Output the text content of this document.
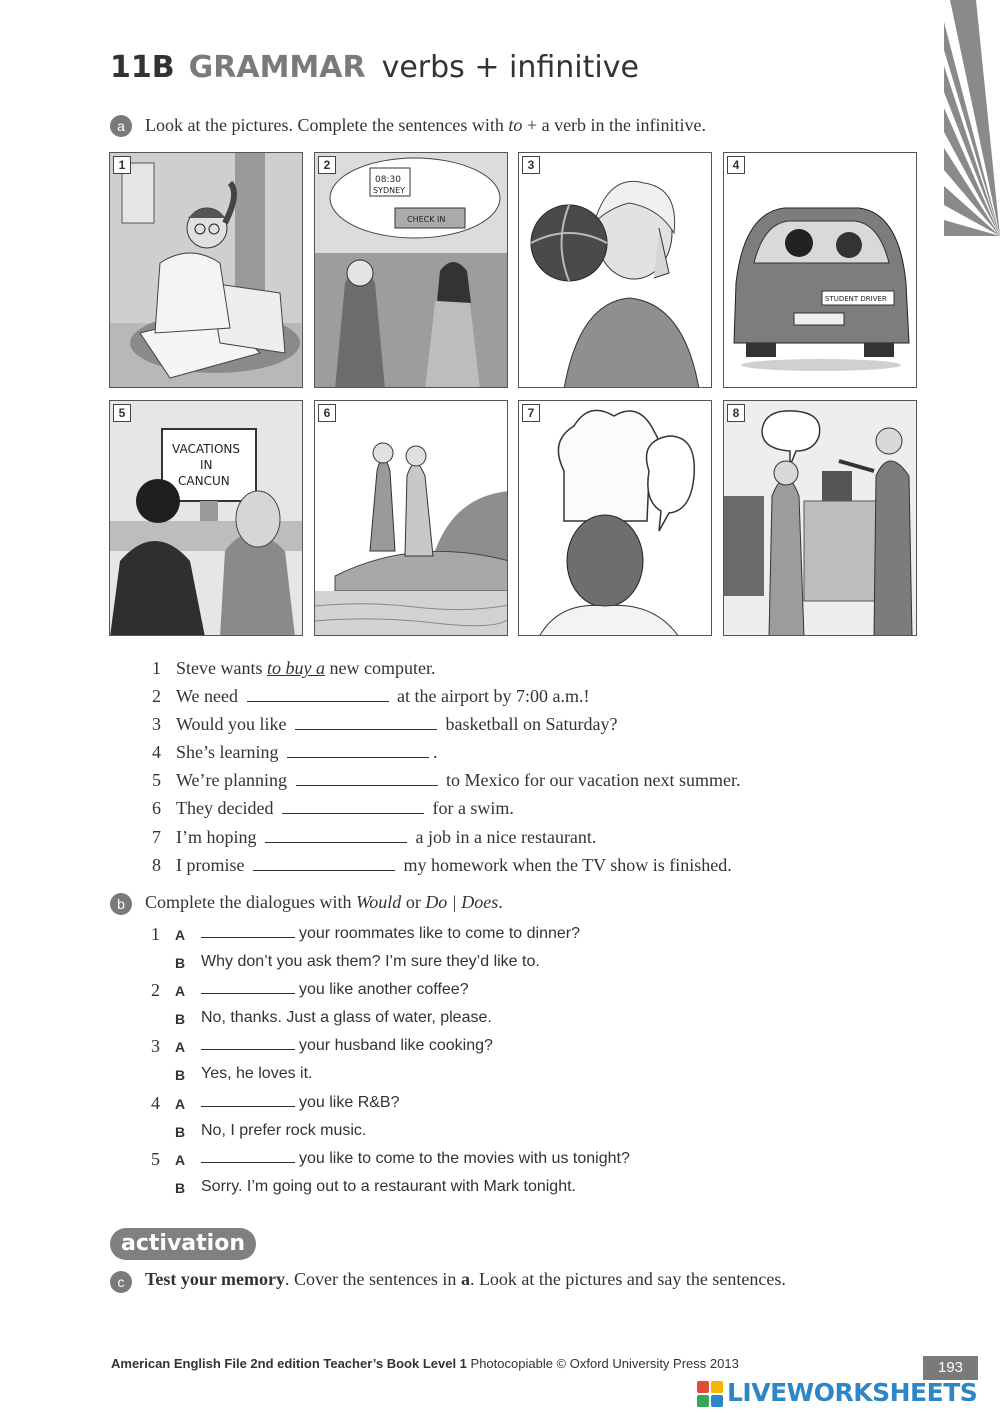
11B GRAMMAR verbs + infinitive
a	Look at the pictures. Complete the sentences with to + a verb in the infinitive.
1	2
08:30
SYDNEY
CHECK IN
3	4
STUDENT DRIVER
5
VACATIONS
IN
CANCUN
6	7	8
1 Steve wants to buy a new computer.
2 We need	at the airport by 7:00 a.m.!
3 Would you like	basketball on Saturday?
4 She’s learning	.
5 We’re planning	to Mexico for our vacation next summer.
6 They decided	for a swim.
7 I’m hoping	a job in a nice restaurant.
8 I promise	my homework when the TV show is finished.
b	Complete the dialogues with Would or Do | Does.
1 A	your roommates like to come to dinner?
B Why don’t you ask them? I’m sure they’d like to.
2 A	you like another coffee?
B No, thanks. Just a glass of water, please.
3 A	your husband like cooking?
B Yes, he loves it.
4 A	you like R&B?
B No, I prefer rock music.
5 A	you like to come to the movies with us tonight?
B Sorry. I’m going out to a restaurant with Mark tonight.
activation
c	Test your memory. Cover the sentences in a. Look at the pictures and say the sentences.
American English File 2nd edition Teacher’s Book Level 1 Photocopiable © Oxford University Press 2013	193
LIVEWORKSHEETS
